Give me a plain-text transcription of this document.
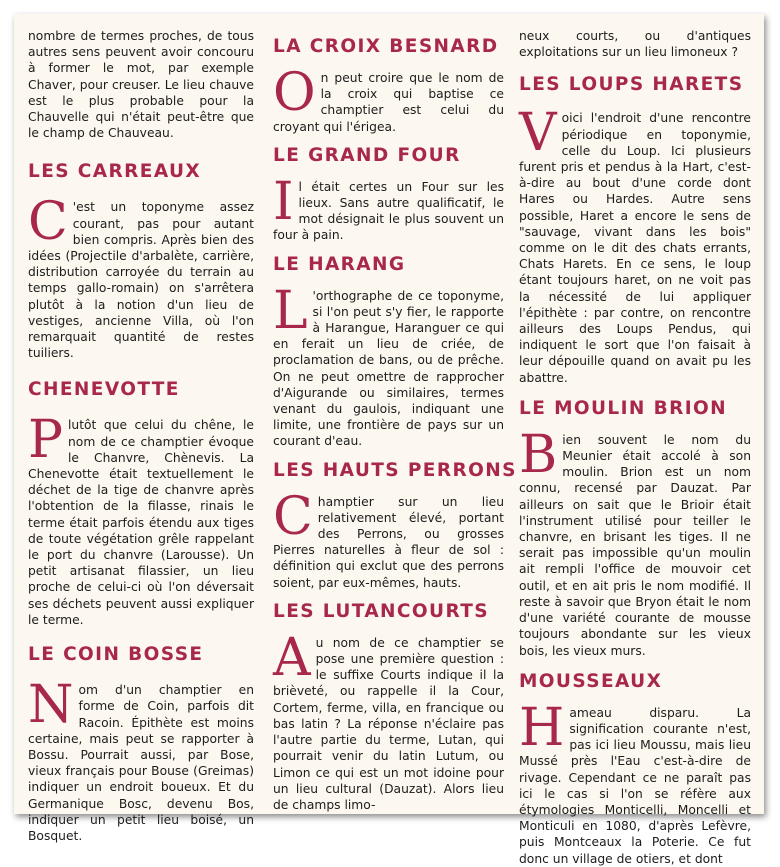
nombre de termes proches, de tous autres sens peuvent avoir concouru à former le mot, par exemple Chaver, pour creuser. Le lieu chauve est le plus probable pour la Chauvelle qui n'était peut-être que le champ de Chauveau.

LES CARREAUX

C 'est un toponyme assez courant, pas pour autant bien compris. Après bien des idées (Projectile d'arbalète, carrière, distribution carroyée du terrain au temps gallo-romain) on s'arrêtera plutôt à la notion d'un lieu de vestiges, ancienne Villa, où l'on remarquait quantité de restes tuiliers.

CHENEVOTTE

Plutôt que celui du chêne, le nom de ce champtier évoque le Chanvre, Chènevis. La Chenevotte était textuellement le déchet de la tige de chanvre après l'obtention de la filasse, rinais le terme était parfois étendu aux tiges de toute végétation grêle rappelant le port du chanvre (Larousse). Un petit artisanat filassier, un lieu proche de celui-ci où l'on déversait ses déchets peuvent aussi expliquer le terme.

LE COIN BOSSE

Nom d'un champtier en forme de Coin, parfois dit Racoin. Épithète est moins certaine, mais peut se rapporter à Bossu. Pourrait aussi, par Bose, vieux français pour Bouse (Greimas) indiquer un endroit boueux. Et du Germanique Bosc, devenu Bos, indiquer un petit lieu boisé, un Bosquet.

LA CROIX BESNARD

On peut croire que le nom de la croix qui baptise ce champtier est celui du croyant qui l'érigea.

LE GRAND FOUR

Il était certes un Four sur les lieux. Sans autre qualificatif, le mot désignait le plus souvent un four à pain.

LE HARANG

L 'orthographe de ce toponyme, si l'on peut s'y fier, le rapporte à Harangue, Haranguer ce qui en ferait un lieu de criée, de proclamation de bans, ou de prêche. On ne peut omettre de rapprocher d'Aigurande ou similaires, termes venant du gaulois, indiquant une limite, une frontière de pays sur un courant d'eau.

LES HAUTS PERRONS

Champtier sur un lieu relativement élevé, portant des Perrons, ou grosses Pierres naturelles à fleur de sol : définition qui exclut que des perrons soient, par eux-mêmes, hauts.

LES LUTANCOURTS

Au nom de ce champtier se pose une première question : le suffixe Courts indique il la brièveté, ou rappelle il la Cour, Cortem, ferme, villa, en francique ou bas latin ? La réponse n'éclaire pas l'autre partie du terme, Lutan, qui pourrait venir du latin Lutum, ou Limon ce qui est un mot idoine pour un lieu cultural (Dauzat). Alors lieu de champs limo-

neux courts, ou d'antiques exploitations sur un lieu limoneux ?

LES LOUPS HARETS

Voici l'endroit d'une rencontre périodique en toponymie, celle du Loup. Ici plusieurs furent pris et pendus à la Hart, c'est-à-dire au bout d'une corde dont Hares ou Hardes. Autre sens possible, Haret a encore le sens de "sauvage, vivant dans les bois" comme on le dit des chats errants, Chats Harets. En ce sens, le loup étant toujours haret, on ne voit pas la nécessité de lui appliquer l'épithète : par contre, on rencontre ailleurs des Loups Pendus, qui indiquent le sort que l'on faisait à leur dépouille quand on avait pu les abattre.

LE MOULIN BRION

Bien souvent le nom du Meunier était accolé à son moulin. Brion est un nom connu, recensé par Dauzat. Par ailleurs on sait que le Brioir était l'instrument utilisé pour teiller le chanvre, en brisant les tiges. Il ne serait pas impossible qu'un moulin ait rempli l'office de mouvoir cet outil, et en ait pris le nom modifié. Il reste à savoir que Bryon était le nom d'une variété courante de mousse toujours abondante sur les vieux bois, les vieux murs.

MOUSSEAUX

Hameau disparu. La signification courante n'est, pas ici lieu Moussu, mais lieu Mussé près l'Eau c'est-à-dire de rivage. Cependant ce ne paraît pas ici le cas si l'on se réfère aux étymologies Monticelli, Moncelli et Monticuli en 1080, d'après Lefèvre, puis Montceaux la Poterie. Ce fut donc un village de otiers, et dont
